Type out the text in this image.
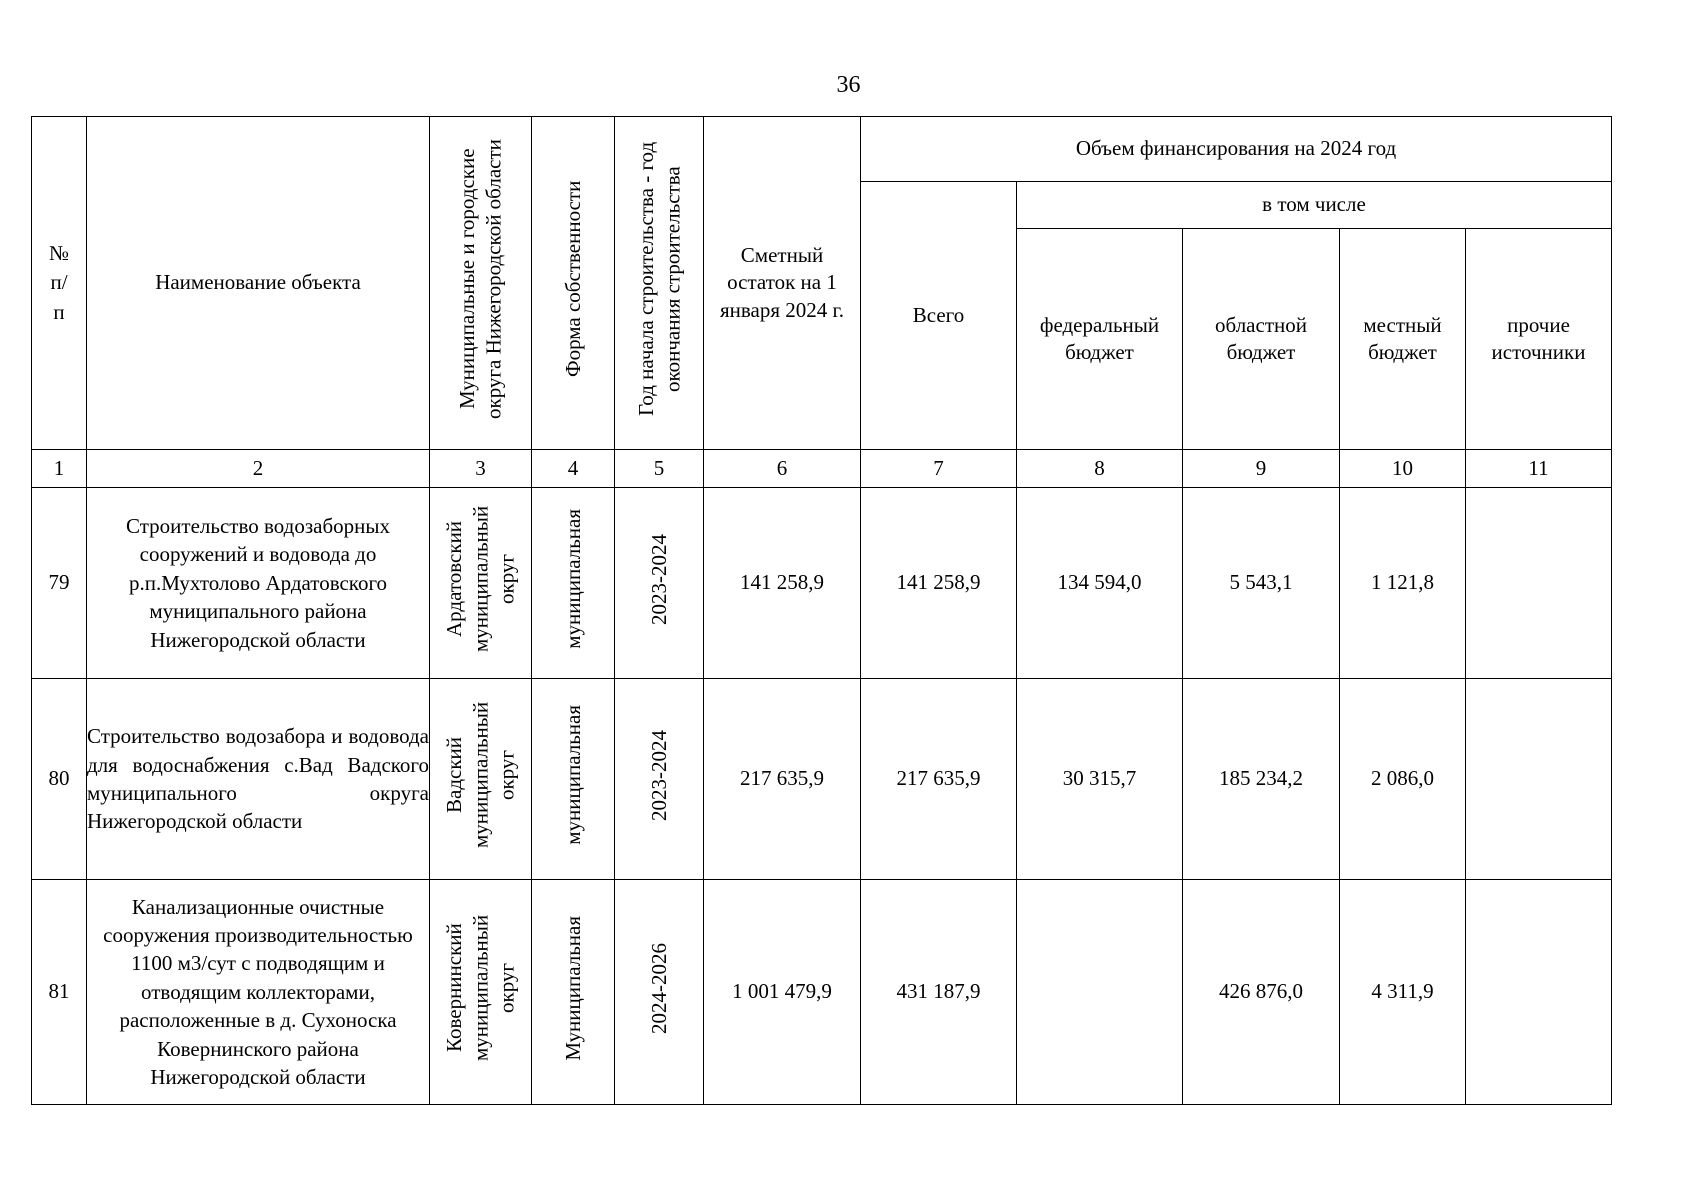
36
№
п/
п	Наименование объекта	Муниципальные и городские округа Нижегородской области	Форма собственности	Год начала строительства - год окончания строительства	Сметный остаток на 1 января 2024 г.	Объем финансирования на 2024 год				
						Всего	в том числе			
							федеральный бюджет	областной бюджет	местный бюджет	прочие источники
1	2	3	4	5	6	7	8	9	10	11
79	Строительство водозаборных сооружений и водовода до р.п.Мухтолово Ардатовского муниципального района Нижегородской области	Ардатовский муниципальный округ	муниципальная	2023-2024	141 258,9	141 258,9	134 594,0	5 543,1	1 121,8	
80	Строительство водозабора и водовода для водоснабжения с.Вад Вадского муниципального округа Нижегородской области	Вадский муниципальный округ	муниципальная	2023-2024	217 635,9	217 635,9	30 315,7	185 234,2	2 086,0	
81	Канализационные очистные сооружения производительностью 1100 м3/сут с подводящим и отводящим коллекторами, расположенные в д. Сухоноска Ковернинского района Нижегородской области	Ковернинский муниципальный округ	Муниципальная	2024-2026	1 001 479,9	431 187,9		426 876,0	4 311,9	
